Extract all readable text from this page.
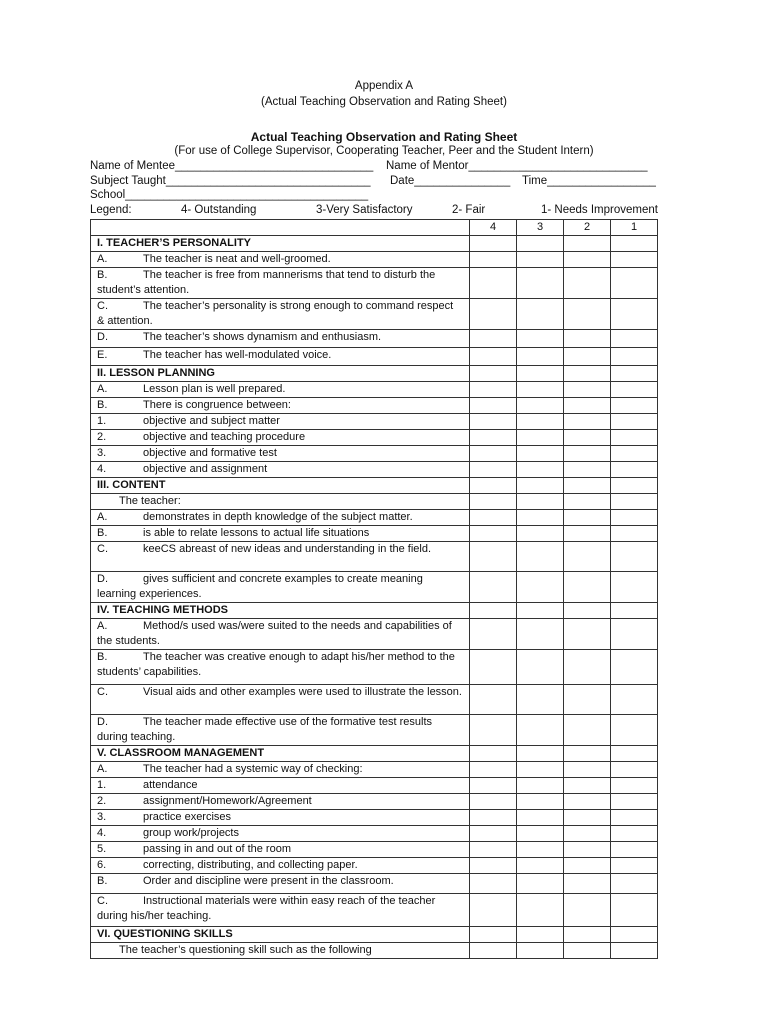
Appendix A
(Actual Teaching Observation and Rating Sheet)
Actual Teaching Observation and Rating Sheet
(For use of College Supervisor, Cooperating Teacher, Peer and the Student Intern)
Name of Mentee_______________________________ Name of Mentor____________________________
Subject Taught________________________________ Date_______________ Time_________________
School______________________________________
Legend:	4- Outstanding	3-Very Satisfactory	2- Fair	1- Needs Improvement
	4	3	2	1
I. TEACHER’S PERSONALITY				
A. The teacher is neat and well-groomed.				
B. The teacher is free from mannerisms that tend to disturb the student’s attention.				
C. The teacher’s personality is strong enough to command respect & attention.				
D. The teacher’s shows dynamism and enthusiasm.				
E. The teacher has well-modulated voice.				
II. LESSON PLANNING				
A. Lesson plan is well prepared.				
B. There is congruence between:				
1. objective and subject matter				
2. objective and teaching procedure				
3. objective and formative test				
4. objective and assignment				
III. CONTENT				
The teacher:				
A. demonstrates in depth knowledge of the subject matter.				
B. is able to relate lessons to actual life situations				
C. keeCS abreast of new ideas and understanding in the field.				
D. gives sufficient and concrete examples to create meaning learning experiences.				
IV. TEACHING METHODS				
A. Method/s used was/were suited to the needs and capabilities of the students.				
B. The teacher was creative enough to adapt his/her method to the students’ capabilities.				
C. Visual aids and other examples were used to illustrate the lesson.				
D. The teacher made effective use of the formative test results during teaching.				
V. CLASSROOM MANAGEMENT				
A. The teacher had a systemic way of checking:				
1. attendance				
2. assignment/Homework/Agreement				
3. practice exercises				
4. group work/projects				
5. passing in and out of the room				
6. correcting, distributing, and collecting paper.				
B. Order and discipline were present in the classroom.				
C. Instructional materials were within easy reach of the teacher during his/her teaching.				
VI. QUESTIONING SKILLS				
The teacher’s questioning skill such as the following				
